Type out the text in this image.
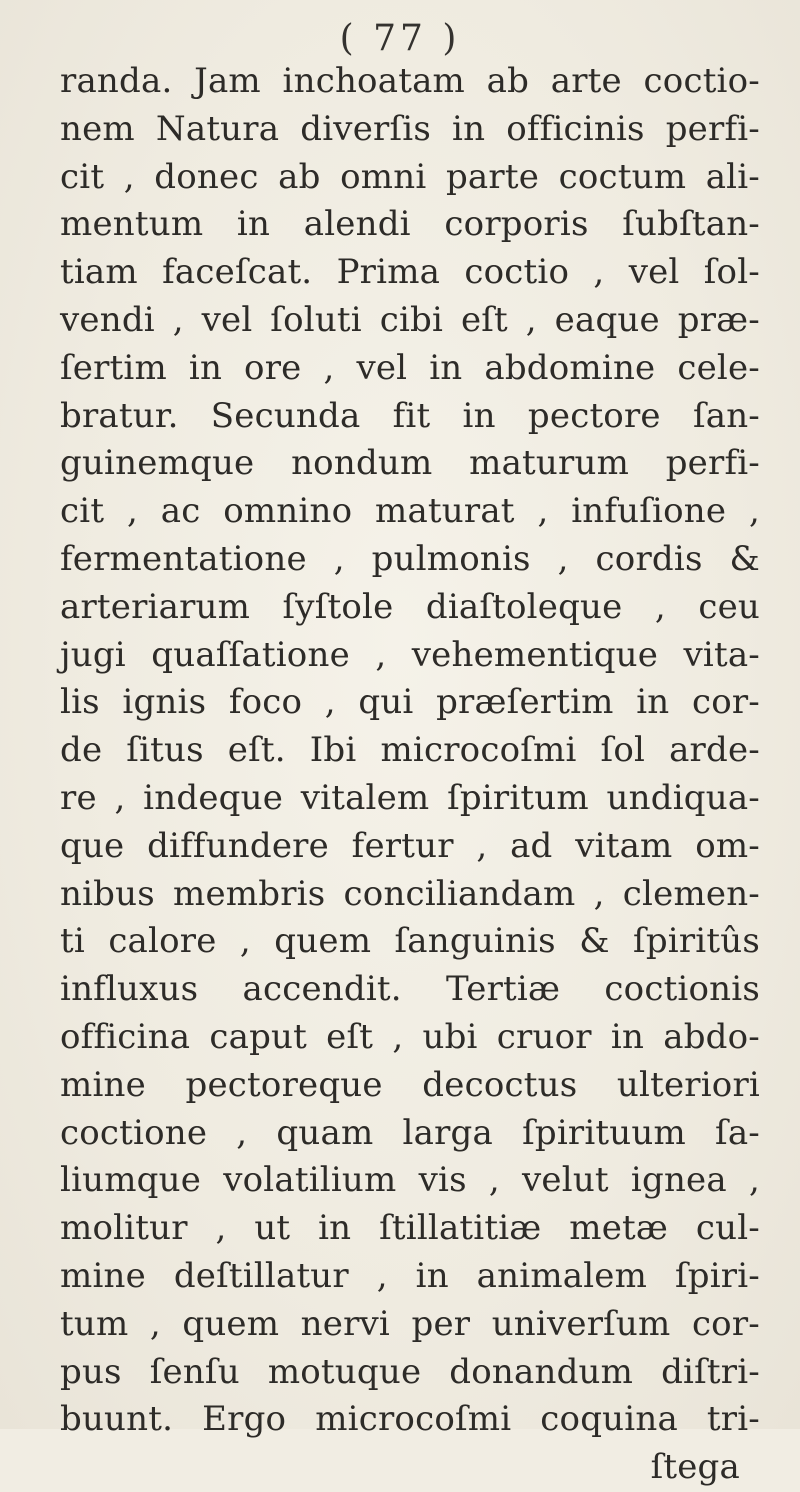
( 77 )
randa. Jam inchoatam ab arte coctio-
nem Natura diverſis in officinis perfi-
cit , donec ab omni parte coctum ali-
mentum in alendi corporis ſubſtan-
tiam faceſcat. Prima coctio , vel ſol-
vendi , vel ſoluti cibi eſt , eaque præ-
ſertim in ore , vel in abdomine cele-
bratur. Secunda fit in pectore ſan-
guinemque nondum maturum perfi-
cit , ac omnino maturat , infuſione ,
fermentatione , pulmonis , cordis &
arteriarum ſyſtole diaſtoleque , ceu
jugi quaſſatione , vehementique vita-
lis ignis foco , qui præſertim in cor-
de ſitus eſt. Ibi microcoſmi ſol arde-
re , indeque vitalem ſpiritum undiqua-
que diffundere fertur , ad vitam om-
nibus membris conciliandam , clemen-
ti calore , quem ſanguinis & ſpiritûs
influxus accendit. Tertiæ coctionis
officina caput eſt , ubi cruor in abdo-
mine pectoreque decoctus ulteriori
coctione , quam larga ſpirituum ſa-
liumque volatilium vis , velut ignea ,
molitur , ut in ſtillatitiæ metæ cul-
mine deſtillatur , in animalem ſpiri-
tum , quem nervi per univerſum cor-
pus ſenſu motuque donandum diſtri-
buunt. Ergo microcoſmi coquina tri-
ſtega
